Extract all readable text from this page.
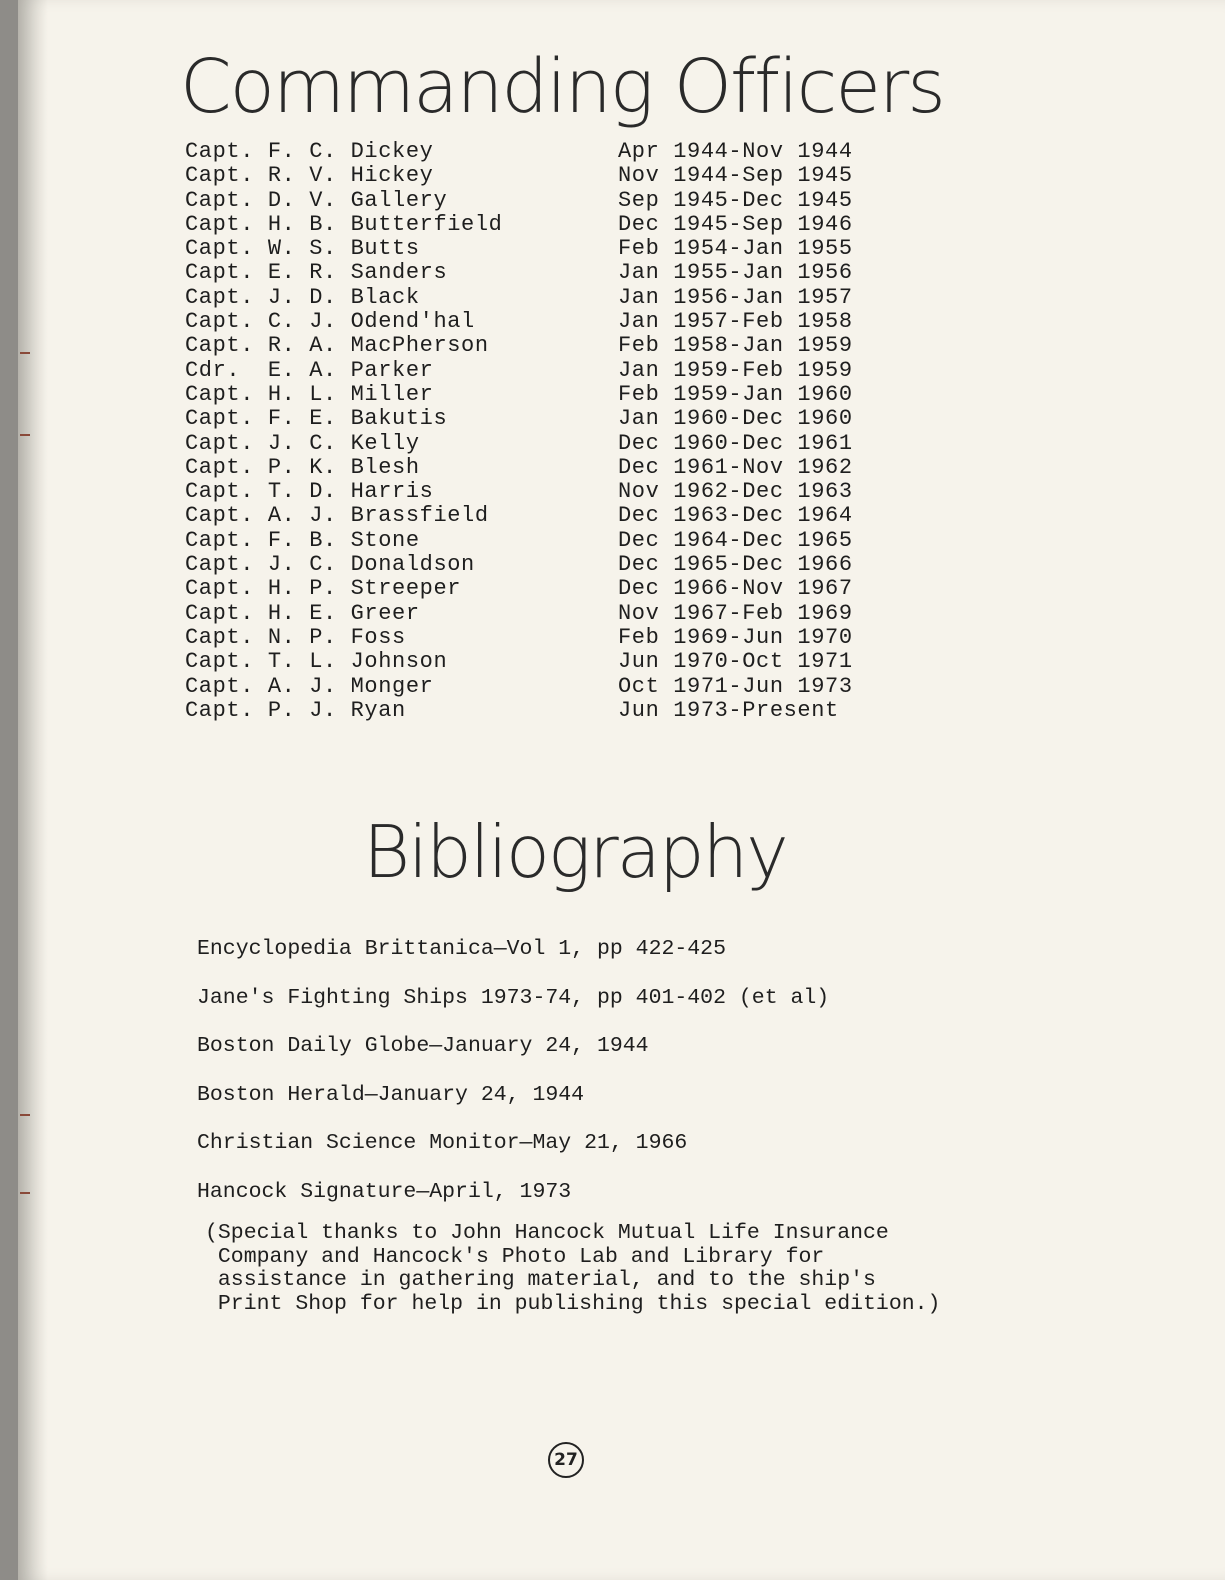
Commanding Officers
Capt. F. C. Dickey	Apr 1944-Nov 1944
Capt. R. V. Hickey	Nov 1944-Sep 1945
Capt. D. V. Gallery	Sep 1945-Dec 1945
Capt. H. B. Butterfield	Dec 1945-Sep 1946
Capt. W. S. Butts	Feb 1954-Jan 1955
Capt. E. R. Sanders	Jan 1955-Jan 1956
Capt. J. D. Black	Jan 1956-Jan 1957
Capt. C. J. Odend'hal	Jan 1957-Feb 1958
Capt. R. A. MacPherson	Feb 1958-Jan 1959
Cdr.  E. A. Parker	Jan 1959-Feb 1959
Capt. H. L. Miller	Feb 1959-Jan 1960
Capt. F. E. Bakutis	Jan 1960-Dec 1960
Capt. J. C. Kelly	Dec 1960-Dec 1961
Capt. P. K. Blesh	Dec 1961-Nov 1962
Capt. T. D. Harris	Nov 1962-Dec 1963
Capt. A. J. Brassfield	Dec 1963-Dec 1964
Capt. F. B. Stone	Dec 1964-Dec 1965
Capt. J. C. Donaldson	Dec 1965-Dec 1966
Capt. H. P. Streeper	Dec 1966-Nov 1967
Capt. H. E. Greer	Nov 1967-Feb 1969
Capt. N. P. Foss	Feb 1969-Jun 1970
Capt. T. L. Johnson	Jun 1970-Oct 1971
Capt. A. J. Monger	Oct 1971-Jun 1973
Capt. P. J. Ryan	Jun 1973-Present
Bibliography
Encyclopedia Brittanica—Vol 1, pp 422-425
Jane's Fighting Ships 1973-74, pp 401-402 (et al)
Boston Daily Globe—January 24, 1944
Boston Herald—January 24, 1944
Christian Science Monitor—May 21, 1966
Hancock Signature—April, 1973

(Special thanks to John Hancock Mutual Life Insurance
Company and Hancock's Photo Lab and Library for
assistance in gathering material, and to the ship's
Print Shop for help in publishing this special edition.)

27
